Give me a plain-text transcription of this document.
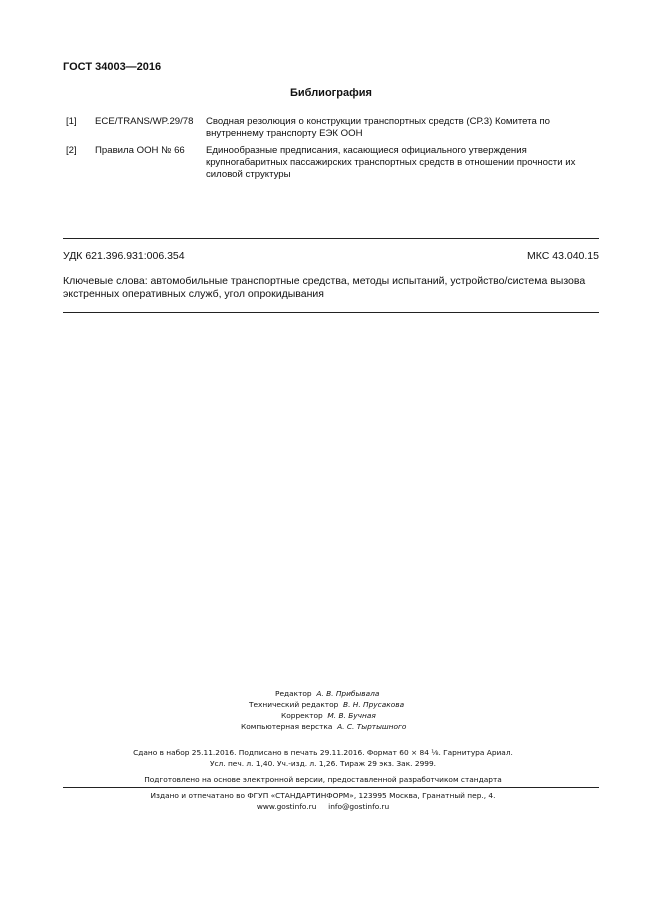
ГОСТ 34003—2016
Библиография
[1] ECE/TRANS/WP.29/78 Сводная резолюция о конструкции транспортных средств (СР.3) Комитета по внутреннему транспорту ЕЭК ООН
[2] Правила ООН № 66 Единообразные предписания, касающиеся официального утверждения крупногабаритных пассажирских транспортных средств в отношении прочности их силовой структуры
УДК 621.396.931:006.354	МКС 43.040.15
Ключевые слова: автомобильные транспортные средства, методы испытаний, устройство/система вызова экстренных оперативных служб, угол опрокидывания
Редактор А. В. Прибывала
Технический редактор В. Н. Прусакова
Корректор М. В. Бучная
Компьютерная верстка А. С. Тыртышного
Сдано в набор 25.11.2016. Подписано в печать 29.11.2016. Формат 60 × 84 ¹⁄₈. Гарнитура Ариал.
Усл. печ. л. 1,40. Уч.-изд. л. 1,26. Тираж 29 экз. Зак. 2999.
Подготовлено на основе электронной версии, предоставленной разработчиком стандарта
Издано и отпечатано во ФГУП «СТАНДАРТИНФОРМ», 123995 Москва, Гранатный пер., 4.
www.gostinfo.ru info@gostinfo.ru
